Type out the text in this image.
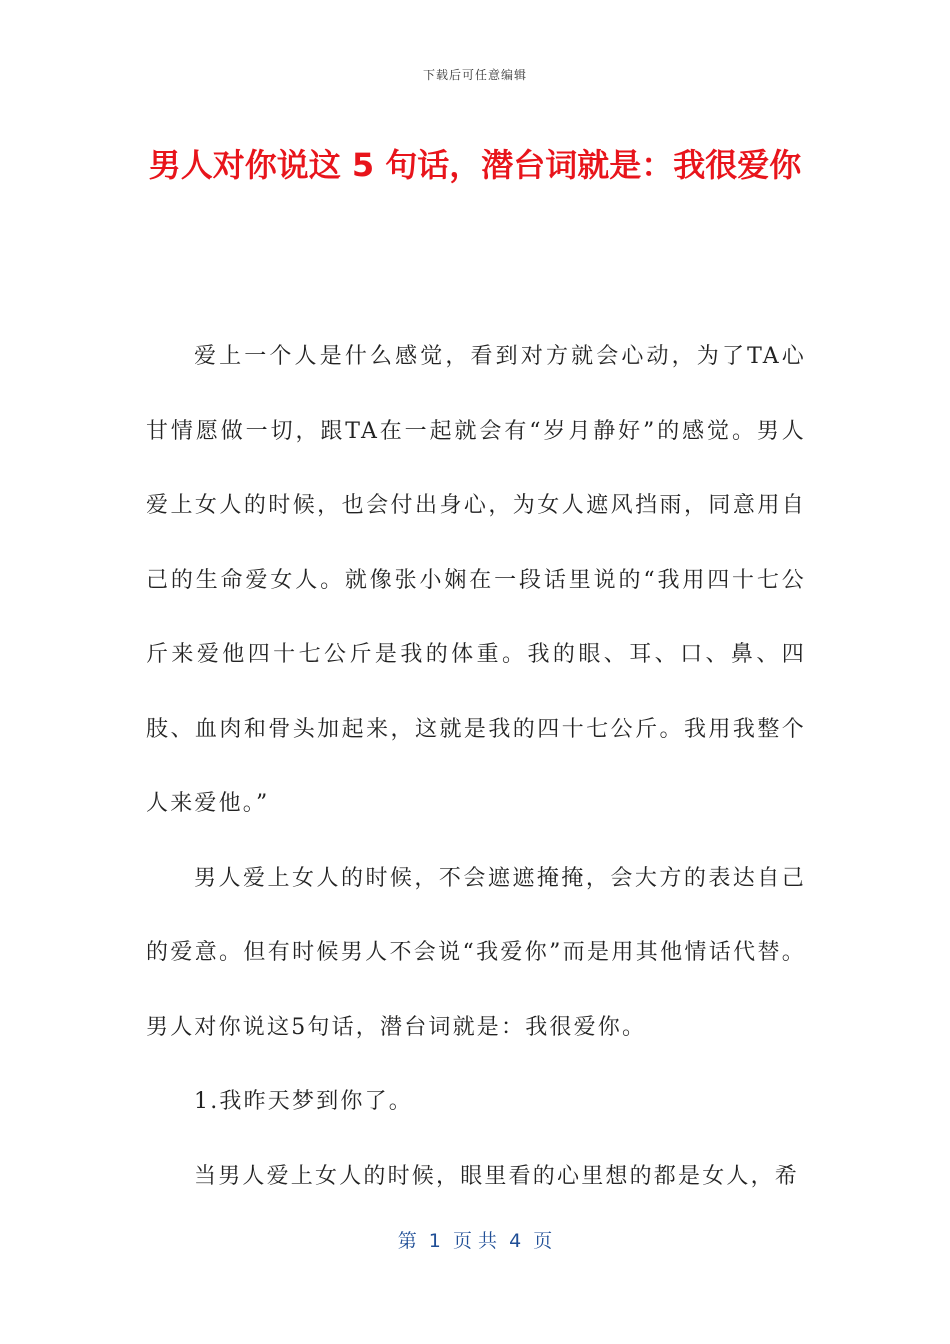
下载后可任意编辑
男人对你说这 5 句话，潜台词就是：我很爱你

爱上一个人是什么感觉，看到对方就会心动，为了TA心甘情愿做一切，跟TA在一起就会有“岁月静好”的感觉。男人爱上女人的时候，也会付出身心，为女人遮风挡雨，同意用自己的生命爱女人。就像张小娴在一段话里说的“我用四十七公斤来爱他四十七公斤是我的体重。我的眼、耳、口、鼻、四肢、血肉和骨头加起来，这就是我的四十七公斤。我用我整个人来爱他。”

男人爱上女人的时候，不会遮遮掩掩，会大方的表达自己的爱意。但有时候男人不会说“我爱你”而是用其他情话代替。男人对你说这5句话，潜台词就是：我很爱你。

1.我昨天梦到你了。

当男人爱上女人的时候，眼里看的心里想的都是女人，希

第  1  页 共  4  页
